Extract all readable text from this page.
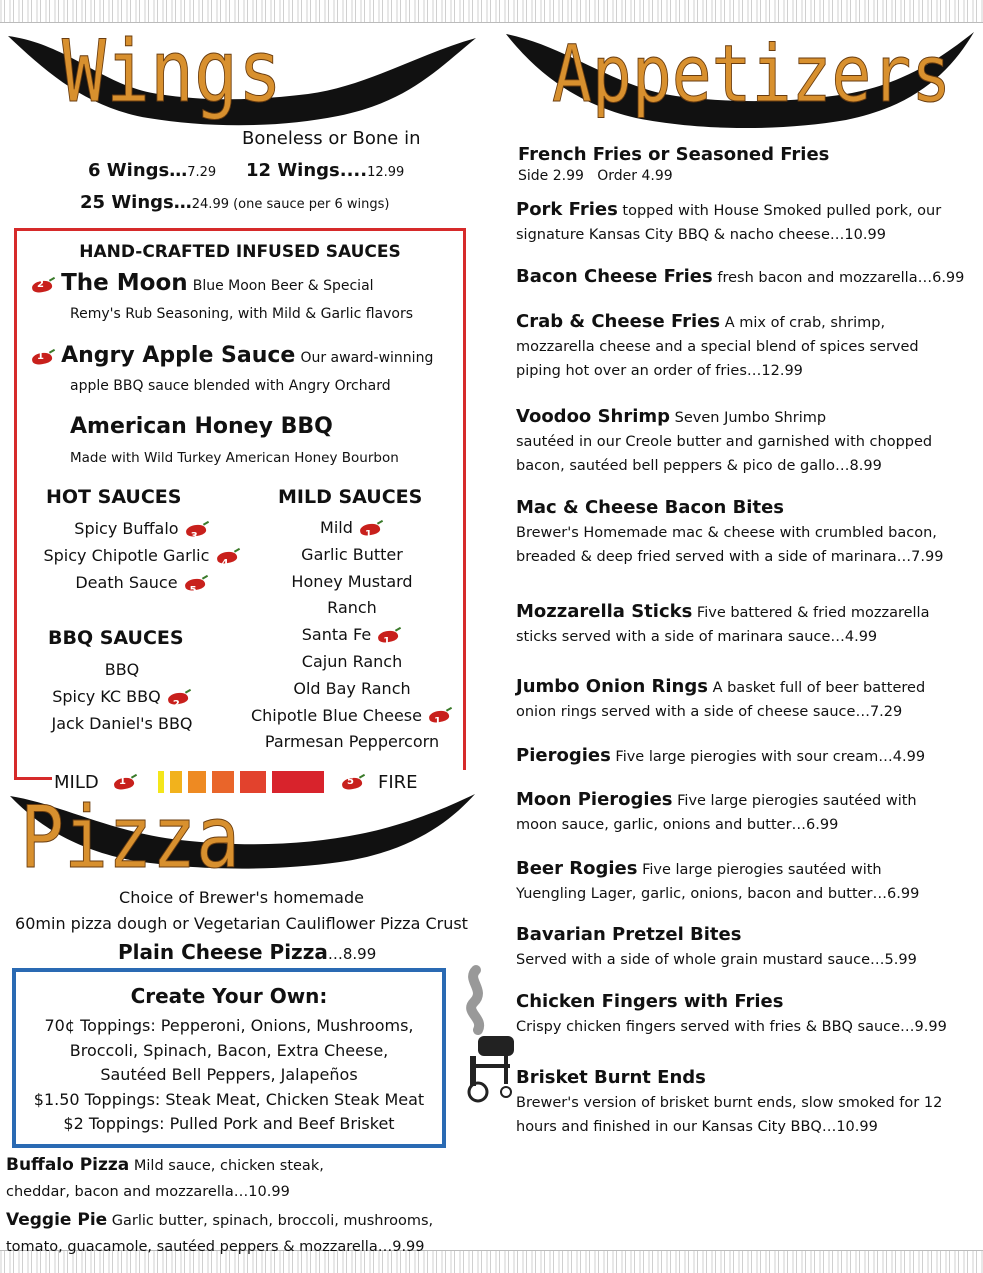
Wings
Boneless or Bone in
6 Wings…7.29 12 Wings....12.99
25 Wings…24.99 (one sauce per 6 wings)
HAND-CRAFTED INFUSED SAUCES
2 The Moon Blue Moon Beer & Special
Remy's Rub Seasoning, with Mild & Garlic flavors
1 Angry Apple Sauce Our award-winning
apple BBQ sauce blended with Angry Orchard
American Honey BBQ
Made with Wild Turkey American Honey Bourbon
HOT SAUCES
Spicy Buffalo 3
Spicy Chipotle Garlic 4
Death Sauce 5
BBQ SAUCES
BBQ
Spicy KC BBQ 2
Jack Daniel's BBQ
MILD SAUCES
Mild 1
Garlic Butter
Honey Mustard
Ranch
Santa Fe 1
Cajun Ranch
Old Bay Ranch
Chipotle Blue Cheese 1
Parmesan Peppercorn
MILD 1	5 FIRE
Pizza
Choice of Brewer's homemade
60min pizza dough or Vegetarian Cauliflower Pizza Crust
Plain Cheese Pizza…8.99
Create Your Own:
70¢ Toppings: Pepperoni, Onions, Mushrooms,
Broccoli, Spinach, Bacon, Extra Cheese,
Sautéed Bell Peppers, Jalapeños
$1.50 Toppings: Steak Meat, Chicken Steak Meat
$2 Toppings: Pulled Pork and Beef Brisket
Buffalo Pizza Mild sauce, chicken steak,
cheddar, bacon and mozzarella…10.99
Veggie Pie Garlic butter, spinach, broccoli, mushrooms,
tomato, guacamole, sautéed peppers & mozzarella…9.99
Appetizers
French Fries or Seasoned Fries Side 2.99   Order 4.99
Pork Fries topped with House Smoked pulled pork, our
signature Kansas City BBQ & nacho cheese…10.99
Bacon Cheese Fries fresh bacon and mozzarella…6.99
Crab & Cheese Fries A mix of crab, shrimp,
mozzarella cheese and a special blend of spices served
piping hot over an order of fries…12.99
Voodoo Shrimp Seven Jumbo Shrimp
sautéed in our Creole butter and garnished with chopped
bacon, sautéed bell peppers & pico de gallo…8.99
Mac & Cheese Bacon Bites
Brewer's Homemade mac & cheese with crumbled bacon,
breaded & deep fried served with a side of marinara…7.99
Mozzarella Sticks Five battered & fried mozzarella
sticks served with a side of marinara sauce…4.99
Jumbo Onion Rings A basket full of beer battered
onion rings served with a side of cheese sauce…7.29
Pierogies Five large pierogies with sour cream…4.99
Moon Pierogies Five large pierogies sautéed with
moon sauce, garlic, onions and butter…6.99
Beer Rogies Five large pierogies sautéed with
Yuengling Lager, garlic, onions, bacon and butter…6.99
Bavarian Pretzel Bites
Served with a side of whole grain mustard sauce…5.99
Chicken Fingers with Fries
Crispy chicken fingers served with fries & BBQ sauce…9.99
Brisket Burnt Ends
Brewer's version of brisket burnt ends, slow smoked for 12
hours and finished in our Kansas City BBQ…10.99
